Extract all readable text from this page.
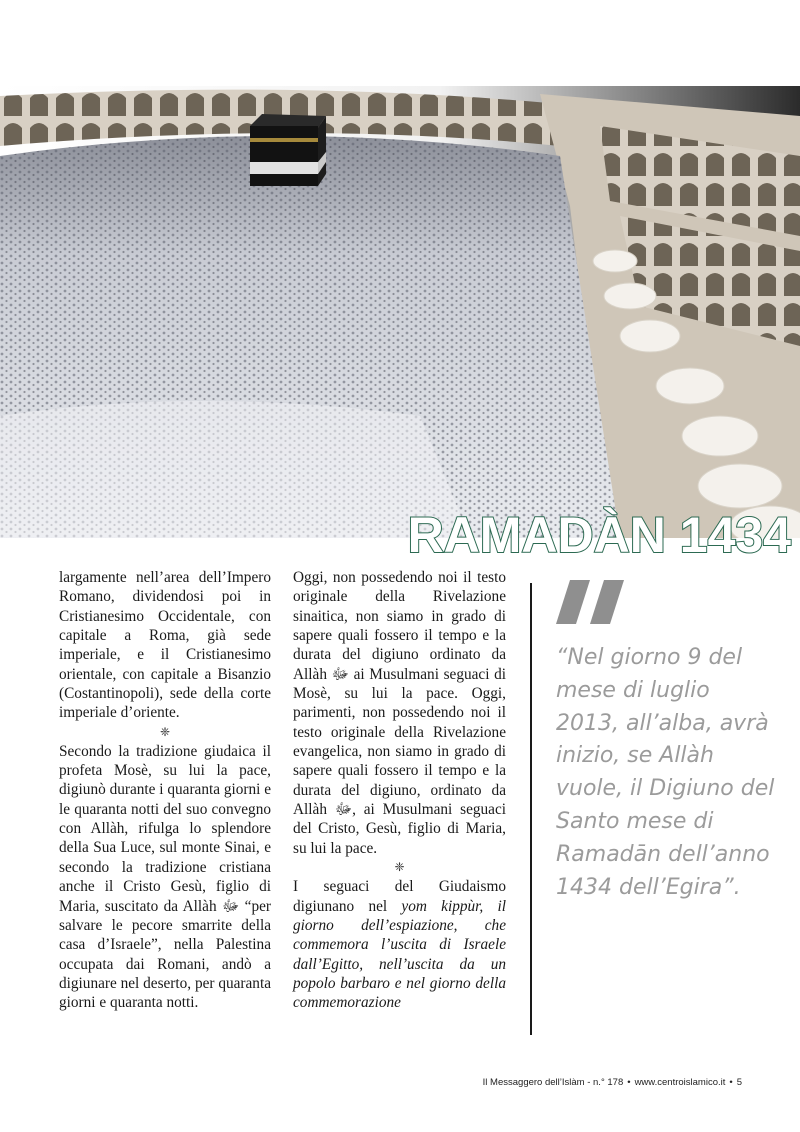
RAMADÀN 1434

largamente nell’area dell’Impero Romano, dividendosi poi in Cristianesimo Occidentale, con capitale a Roma, già sede imperiale, e il Cristianesimo orientale, con capitale a Bisanzio (Costantinopoli), sede della corte imperiale d’oriente.

❈

Secondo la tradizione giudaica il profeta Mosè, su lui la pace, digiunò durante i quaranta giorni e le quaranta notti del suo convegno con Allàh, rifulga lo splendore della Sua Luce, sul monte Sinai, e secondo la tradizione cristiana anche il Cristo Gesù, figlio di Maria, suscitato da Allàh ﷻ “per salvare le pecore smarrite della casa d’Israele”, nella Palestina occupata dai Romani, andò a digiunare nel deserto, per quaranta giorni e quaranta notti.

Oggi, non possedendo noi il testo originale della Rivelazione sinaitica, non siamo in grado di sapere quali fossero il tempo e la durata del digiuno ordinato da Allàh ﷻ ai Musulmani seguaci di Mosè, su lui la pace. Oggi, parimenti, non possedendo noi il testo originale della Rivelazione evangelica, non siamo in grado di sapere quali fossero il tempo e la durata del digiuno, ordinato da Allàh ﷻ, ai Musulmani seguaci del Cristo, Gesù, figlio di Maria, su lui la pace.

❈

I seguaci del Giudaismo digiunano nel yom kippùr, il giorno dell’espiazione, che commemora l’uscita di Israele dall’Egitto, nell’uscita da un popolo barbaro e nel giorno della commemorazione

“Nel giorno 9 del mese di luglio 2013, all’alba, avrà inizio, se Allàh vuole, il Digiuno del Santo mese di Ramadān dell’anno 1434 dell’Egira”.
Il Messaggero dell’Islàm - n.° 178 • www.centroislamico.it • 5
